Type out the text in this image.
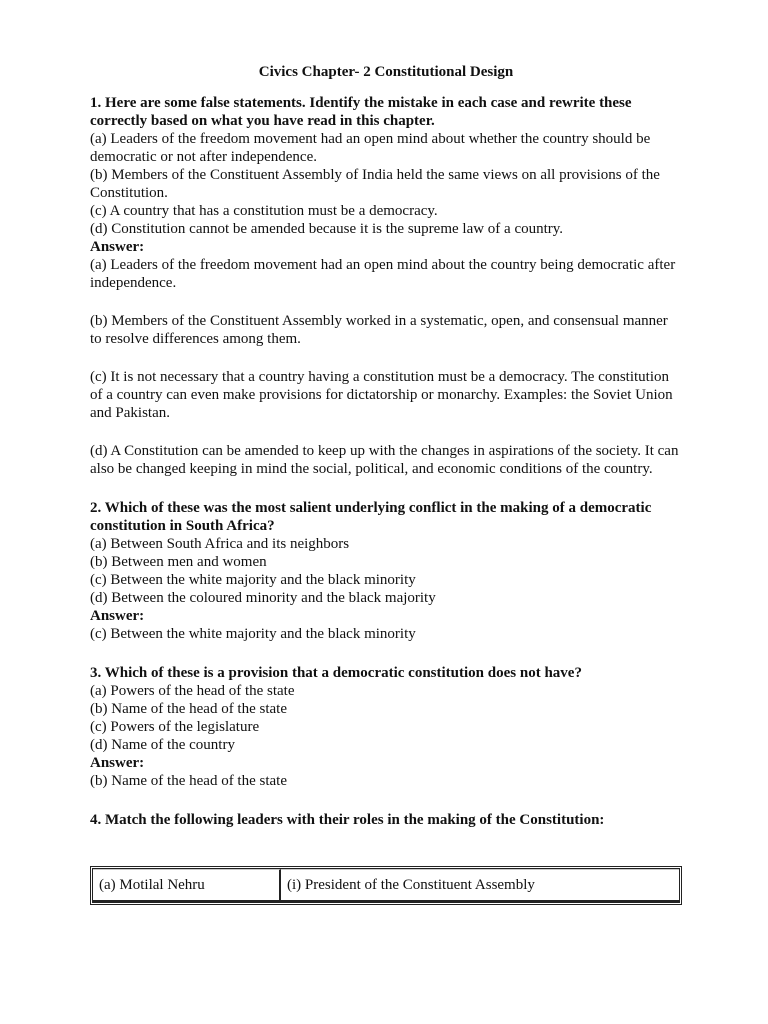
Civics Chapter- 2 Constitutional Design

1. Here are some false statements. Identify the mistake in each case and rewrite these correctly based on what you have read in this chapter.

(a) Leaders of the freedom movement had an open mind about whether the country should be democratic or not after independence.

(b) Members of the Constituent Assembly of India held the same views on all provisions of the Constitution.

(c) A country that has a constitution must be a democracy.

(d) Constitution cannot be amended because it is the supreme law of a country.

Answer:

(a) Leaders of the freedom movement had an open mind about the country being democratic after independence.

(b) Members of the Constituent Assembly worked in a systematic, open, and consensual manner to resolve differences among them.

(c) It is not necessary that a country having a constitution must be a democracy. The constitution of a country can even make provisions for dictatorship or monarchy. Examples: the Soviet Union and Pakistan.

(d) A Constitution can be amended to keep up with the changes in aspirations of the society. It can also be changed keeping in mind the social, political, and economic conditions of the country.

2. Which of these was the most salient underlying conflict in the making of a democratic constitution in South Africa?

(a) Between South Africa and its neighbors

(b) Between men and women

(c) Between the white majority and the black minority

(d) Between the coloured minority and the black majority

Answer:

(c) Between the white majority and the black minority

3. Which of these is a provision that a democratic constitution does not have?

(a) Powers of the head of the state

(b) Name of the head of the state

(c) Powers of the legislature

(d) Name of the country

Answer:

(b) Name of the head of the state

4. Match the following leaders with their roles in the making of the Constitution:

(a) Motilal Nehru	(i) President of the Constituent Assembly
